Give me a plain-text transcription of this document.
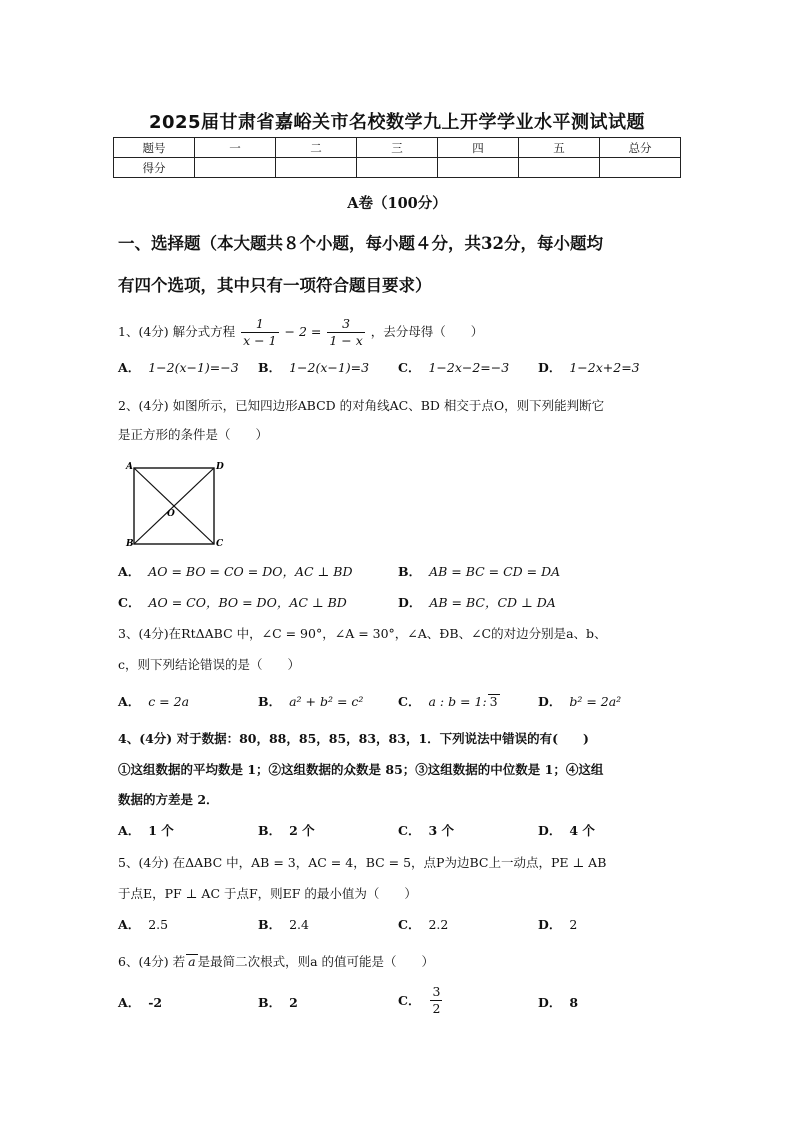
2025届甘肃省嘉峪关市名校数学九上开学学业水平测试试题
题号	一	二	三	四	五	总分
得分						
A卷（100分）
一、选择题（本大题共８个小题，每小题４分，共32分，每小题均
有四个选项，其中只有一项符合题目要求）
1、(4分) 解分式方程 $\frac{1}{x - 1} - 2 = \frac{3}{1 - x}$ ，去分母得（　　）
A． 1−2(x−1)=−3 B． 1−2(x−1)=3 C． 1−2x−2=−3 D． 1−2x+2=3
2、(4分) 如图所示，已知四边形ABCD 的对角线AC、BD 相交于点O，则下列能判断它
是正方形的条件是（　　）
A	D
B	C
O
A． AO = BO = CO = DO，AC ⊥ BD	B． AB = BC = CD = DA
C． AO = CO，BO = DO，AC ⊥ BD	D． AB = BC，CD ⊥ DA
3、(4分)在RtΔABC 中，∠C = 90°，∠A = 30°，∠A、ÐB、∠C的对边分别是a、b、
c，则下列结论错误的是（　　）
A． c = 2a	B． a² + b² = c²	C． a : b = 1: 3	D． b² = 2a²
4、(4分) 对于数据：80，88，85，85，83，83，1．下列说法中错误的有(　　)
①这组数据的平均数是 1；②这组数据的众数是 85；③这组数据的中位数是 1；④这组
数据的方差是 2．
A． 1 个	B． 2 个	C． 3 个	D． 4 个
5、(4分) 在ΔABC 中，AB = 3，AC = 4，BC = 5，点P为边BC上一动点，PE ⊥ AB
于点E，PF ⊥ AC 于点F，则EF 的最小值为（　　）
A． 2.5	B． 2.4	C． 2.2	D． 2
6、(4分) 若 a 是最简二次根式，则a 的值可能是（　　）
A． -2	B． 2	C． $\frac{3}{2}$	D． 8
